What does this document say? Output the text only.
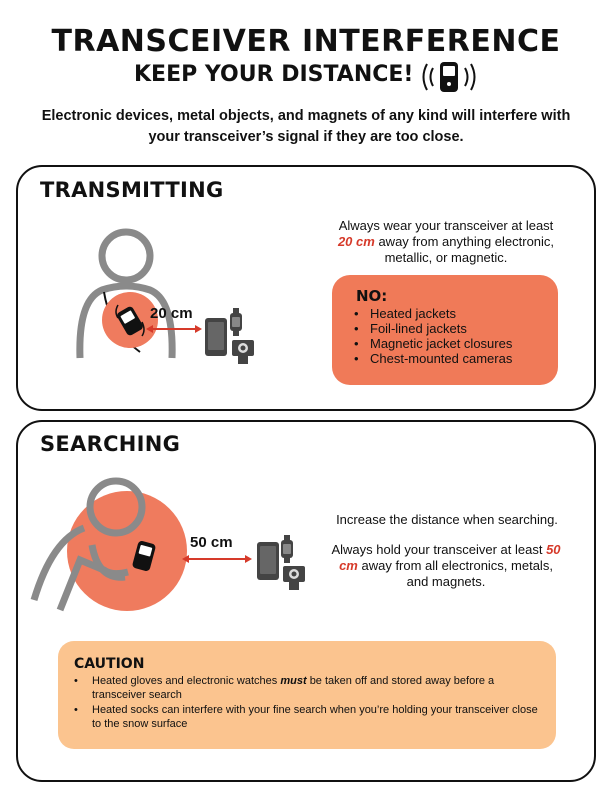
TRANSCEIVER INTERFERENCE
KEEP YOUR DISTANCE!
Electronic devices, metal objects, and magnets of any kind will interfere with your transceiver’s signal if they are too close.
TRANSMITTING
20 cm
Always wear your transceiver at least
20 cm away from anything electronic, metallic, or magnetic.
NO:
• Heated jackets
• Foil-lined jackets
• Magnetic jacket closures
• Chest-mounted cameras
SEARCHING
50 cm
Increase the distance when searching.
Always hold your transceiver at least 50 cm away from all electronics, metals, and magnets.
CAUTION
• Heated gloves and electronic watches must be taken off and stored away before a transceiver search
• Heated socks can interfere with your fine search when you’re holding your transceiver close to the snow surface
